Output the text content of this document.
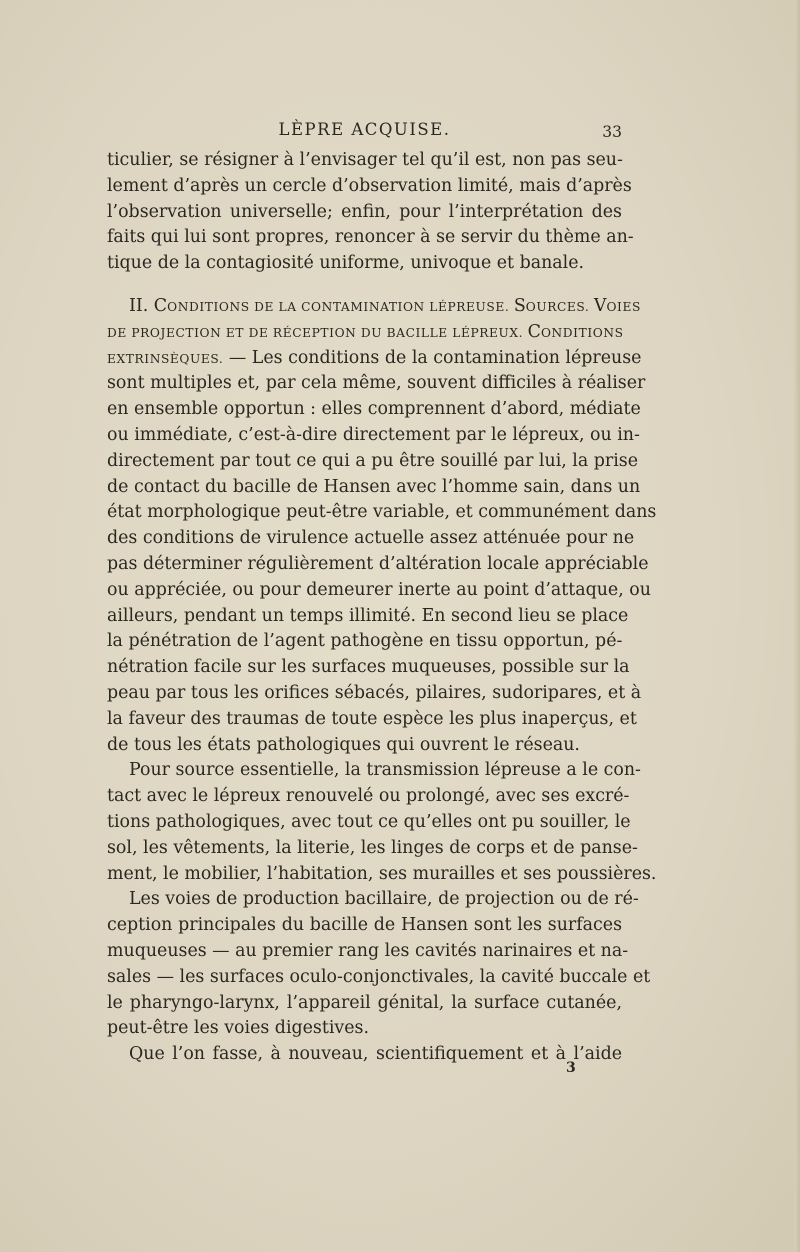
LÈPRE ACQUISE.	33
ticulier, se résigner à l’envisager tel qu’il est, non pas seu-
lement d’après un cercle d’observation limité, mais d’après
l’observation universelle; enfin, pour l’interprétation des
faits qui lui sont propres, renoncer à se servir du thème an-
tique de la contagiosité uniforme, univoque et banale.
II. CONDITIONS DE LA CONTAMINATION LÉPREUSE. SOURCES. VOIES
DE PROJECTION ET DE RÉCEPTION DU BACILLE LÉPREUX. CONDITIONS
EXTRINSÈQUES. — Les conditions de la contamination lépreuse
sont multiples et, par cela même, souvent difficiles à réaliser
en ensemble opportun : elles comprennent d’abord, médiate
ou immédiate, c’est-à-dire directement par le lépreux, ou in-
directement par tout ce qui a pu être souillé par lui, la prise
de contact du bacille de Hansen avec l’homme sain, dans un
état morphologique peut-être variable, et communément dans
des conditions de virulence actuelle assez atténuée pour ne
pas déterminer régulièrement d’altération locale appréciable
ou appréciée, ou pour demeurer inerte au point d’attaque, ou
ailleurs, pendant un temps illimité. En second lieu se place
la pénétration de l’agent pathogène en tissu opportun, pé-
nétration facile sur les surfaces muqueuses, possible sur la
peau par tous les orifices sébacés, pilaires, sudoripares, et à
la faveur des traumas de toute espèce les plus inaperçus, et
de tous les états pathologiques qui ouvrent le réseau.
Pour source essentielle, la transmission lépreuse a le con-
tact avec le lépreux renouvelé ou prolongé, avec ses excré-
tions pathologiques, avec tout ce qu’elles ont pu souiller, le
sol, les vêtements, la literie, les linges de corps et de panse-
ment, le mobilier, l’habitation, ses murailles et ses poussières.
Les voies de production bacillaire, de projection ou de ré-
ception principales du bacille de Hansen sont les surfaces
muqueuses — au premier rang les cavités narinaires et na-
sales — les surfaces oculo-conjonctivales, la cavité buccale et
le pharyngo-larynx, l’appareil génital, la surface cutanée,
peut-être les voies digestives.
Que l’on fasse, à nouveau, scientifiquement et à l’aide
3
